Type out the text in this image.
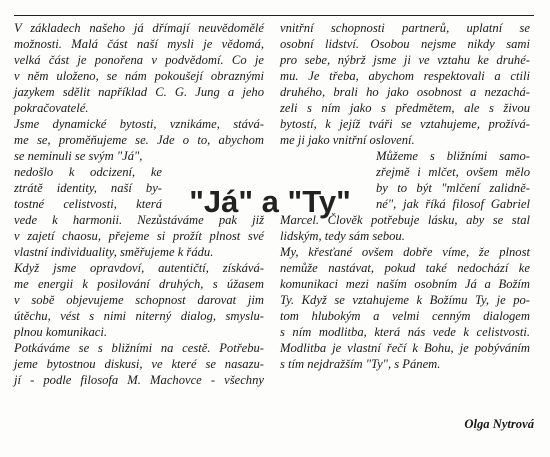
V základech našeho já dřímají neuvědomělé
možnosti. Malá část naší mysli je vědomá,
velká část je ponořena v podvědomí. Co je
v něm uloženo, se nám pokoušejí obraznými
jazykem sdělit například C. G. Jung a jeho
pokračovatelé.
Jsme dynamické bytosti, vznikáme, stává-
me se, proměňujeme se. Jde o to, abychom
se neminuli se svým "Já",
nedošlo k odcizení, ke
ztrátě identity, naší by-
tostné celistvosti, která
vede k harmonii. Nezůstáváme pak již
v zajetí chaosu, přejeme si prožít plnost své
vlastní individuality, směřujeme k řádu.
Když jsme opravdoví, autentičtí, získává-
me energii k posilování druhých, s úžasem
v sobě objevujeme schopnost darovat jim
útěchu, vést s nimi niterný dialog, smyslu-
plnou komunikaci.
Potkáváme se s bližními na cestě. Potřebu-
jeme bytostnou diskusi, ve které se nasazu-
jí - podle filosofa M. Machovce - všechny
"Já" a "Ty"
vnitřní schopnosti partnerů, uplatní se
osobní lidství. Osobou nejsme nikdy sami
pro sebe, nýbrž jsme ji ve vztahu ke druhé-
mu. Je třeba, abychom respektovali a ctili
druhého, brali ho jako osobnost a nezachá-
zeli s ním jako s předmětem, ale s živou
bytostí, k jejíž tváři se vztahujeme, prožívá-
me ji jako vnitřní oslovení.
Můžeme s bližními samo-
zřejmě i mlčet, ovšem mělo
by to být "mlčení zalidně-
né", jak říká filosof Gabriel
Marcel. Člověk potřebuje lásku, aby se stal
lidským, tedy sám sebou.
My, křesťané ovšem dobře víme, že plnost
nemůže nastávat, pokud také nedochází ke
komunikaci mezi naším osobním Já a Božím
Ty. Když se vztahujeme k Božímu Ty, je po-
tom hlubokým a velmi cenným dialogem
s ním modlitba, která nás vede k celistvosti.
Modlitba je vlastní řečí k Bohu, je pobýváním
s tím nejdražším "Ty", s Pánem.
Olga Nytrová
